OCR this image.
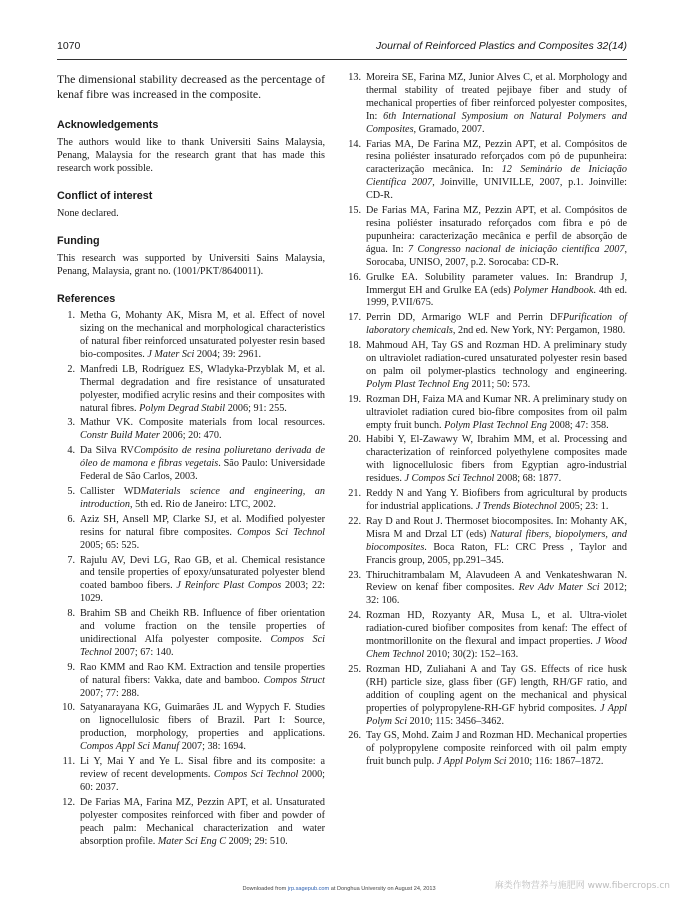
1070	Journal of Reinforced Plastics and Composites 32(14)

The dimensional stability decreased as the percentage of kenaf fibre was increased in the composite.

Acknowledgements

The authors would like to thank Universiti Sains Malaysia, Penang, Malaysia for the research grant that has made this research work possible.

Conflict of interest

None declared.

Funding

This research was supported by Universiti Sains Malaysia, Penang, Malaysia, grant no. (1001/PKT/8640011).

References
1. Metha G, Mohanty AK, Misra M, et al. Effect of novel sizing on the mechanical and morphological characteristics of natural fiber reinforced unsaturated polyester resin based bio-composites. J Mater Sci 2004; 39: 2961.
2. Manfredi LB, Rodríguez ES, Wladyka-Przyblak M, et al. Thermal degradation and fire resistance of unsaturated polyester, modified acrylic resins and their composites with natural fibres. Polym Degrad Stabil 2006; 91: 255.
3. Mathur VK. Composite materials from local resources. Constr Build Mater 2006; 20: 470.
4. Da Silva RVCompósito de resina poliuretano derivada de óleo de mamona e fibras vegetais. São Paulo: Universidade Federal de São Carlos, 2003.
5. Callister WDMaterials science and engineering, an introduction, 5th ed. Rio de Janeiro: LTC, 2002.
6. Aziz SH, Ansell MP, Clarke SJ, et al. Modified polyester resins for natural fibre composites. Compos Sci Technol 2005; 65: 525.
7. Rajulu AV, Devi LG, Rao GB, et al. Chemical resistance and tensile properties of epoxy/unsaturated polyester blend coated bamboo fibers. J Reinforc Plast Compos 2003; 22: 1029.
8. Brahim SB and Cheikh RB. Influence of fiber orientation and volume fraction on the tensile properties of unidirectional Alfa polyester composite. Compos Sci Technol 2007; 67: 140.
9. Rao KMM and Rao KM. Extraction and tensile properties of natural fibers: Vakka, date and bamboo. Compos Struct 2007; 77: 288.
10. Satyanarayana KG, Guimarães JL and Wypych F. Studies on lignocellulosic fibers of Brazil. Part I: Source, production, morphology, properties and applications. Compos Appl Sci Manuf 2007; 38: 1694.
11. Li Y, Mai Y and Ye L. Sisal fibre and its composite: a review of recent developments. Compos Sci Technol 2000; 60: 2037.
12. De Farias MA, Farina MZ, Pezzin APT, et al. Unsaturated polyester composites reinforced with fiber and powder of peach palm: Mechanical characterization and water absorption profile. Mater Sci Eng C 2009; 29: 510.
13. Moreira SE, Farina MZ, Junior Alves C, et al. Morphology and thermal stability of treated pejibaye fiber and study of mechanical properties of fiber reinforced polyester composites, In: 6th International Symposium on Natural Polymers and Composites, Gramado, 2007.
14. Farias MA, De Farina MZ, Pezzin APT, et al. Compósitos de resina poliéster insaturado reforçados com pó de pupunheira: caracterização mecânica. In: 12 Seminário de Iniciação Científica 2007, Joinville, UNIVILLE, 2007, p.1. Joinville: CD-R.
15. De Farias MA, Farina MZ, Pezzin APT, et al. Compósitos de resina poliéster insaturado reforçados com fibra e pó de pupunheira: caracterização mecânica e perfil de absorção de água. In: 7 Congresso nacional de iniciação científica 2007, Sorocaba, UNISO, 2007, p.2. Sorocaba: CD-R.
16. Grulke EA. Solubility parameter values. In: Brandrup J, Immergut EH and Grulke EA (eds) Polymer Handbook. 4th ed. 1999, P.VII/675.
17. Perrin DD, Armarigo WLF and Perrin DFPurification of laboratory chemicals, 2nd ed. New York, NY: Pergamon, 1980.
18. Mahmoud AH, Tay GS and Rozman HD. A preliminary study on ultraviolet radiation-cured unsaturated polyester resin based on palm oil polymer-plastics technology and engineering. Polym Plast Technol Eng 2011; 50: 573.
19. Rozman DH, Faiza MA and Kumar NR. A preliminary study on ultraviolet radiation cured bio-fibre composites from oil palm empty fruit bunch. Polym Plast Technol Eng 2008; 47: 358.
20. Habibi Y, El-Zawawy W, Ibrahim MM, et al. Processing and characterization of reinforced polyethylene composites made with lignocellulosic fibers from Egyptian agro-industrial residues. J Compos Sci Technol 2008; 68: 1877.
21. Reddy N and Yang Y. Biofibers from agricultural by products for industrial applications. J Trends Biotechnol 2005; 23: 1.
22. Ray D and Rout J. Thermoset biocomposites. In: Mohanty AK, Misra M and Drzal LT (eds) Natural fibers, biopolymers, and biocomposites. Boca Raton, FL: CRC Press , Taylor and Francis group, 2005, pp.291–345.
23. Thiruchitrambalam M, Alavudeen A and Venkateshwaran N. Review on kenaf fiber composites. Rev Adv Mater Sci 2012; 32: 106.
24. Rozman HD, Rozyanty AR, Musa L, et al. Ultra-violet radiation-cured biofiber composites from kenaf: The effect of montmorillonite on the flexural and impact properties. J Wood Chem Technol 2010; 30(2): 152–163.
25. Rozman HD, Zuliahani A and Tay GS. Effects of rice husk (RH) particle size, glass fiber (GF) length, RH/GF ratio, and addition of coupling agent on the mechanical and physical properties of polypropylene-RH-GF hybrid composites. J Appl Polym Sci 2010; 115: 3456–3462.
26. Tay GS, Mohd. Zaim J and Rozman HD. Mechanical properties of polypropylene composite reinforced with oil palm empty fruit bunch pulp. J Appl Polym Sci 2010; 116: 1867–1872.
Downloaded from jrp.sagepub.com at Donghua University on August 24, 2013	麻类作物营养与施肥网 www.fibercrops.cn
